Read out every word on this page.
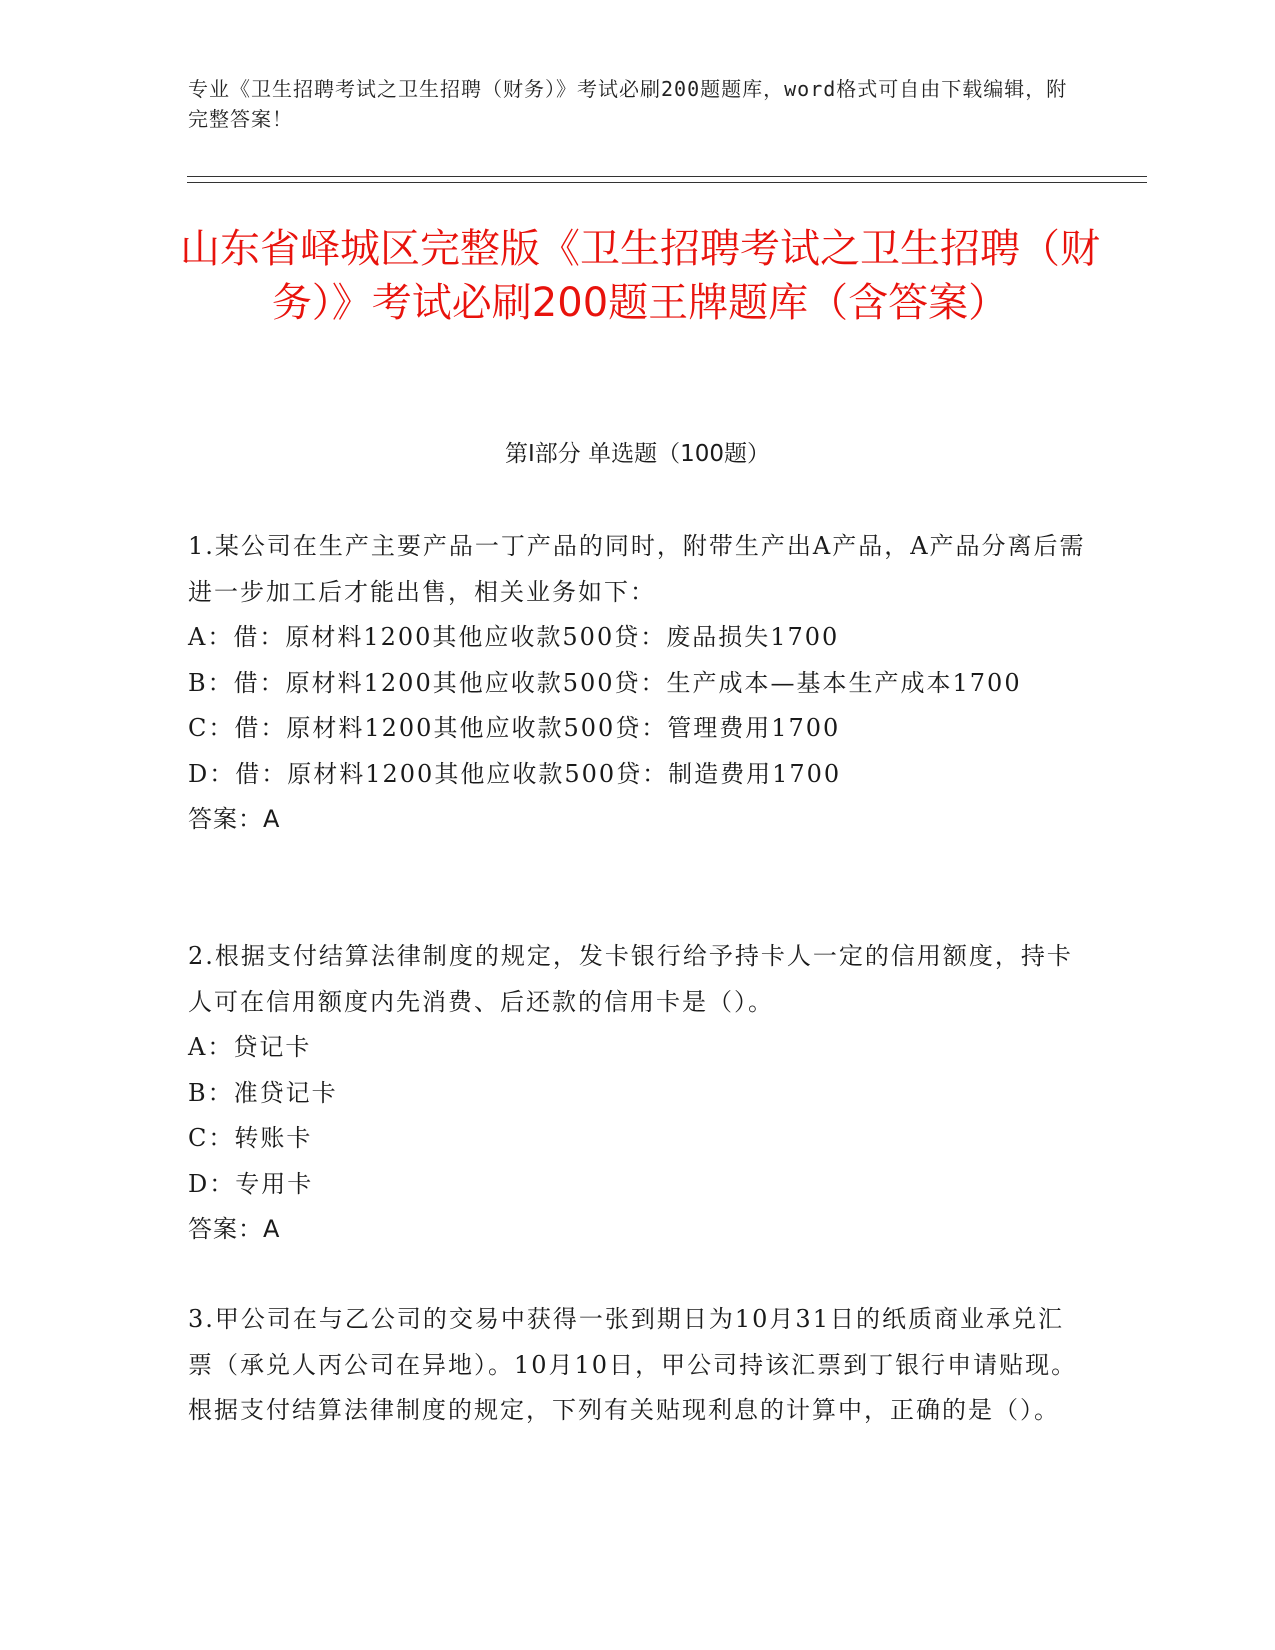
专业《卫生招聘考试之卫生招聘（财务）》考试必刷200题题库，word格式可自由下载编辑，附完整答案！
山东省峄城区完整版《卫生招聘考试之卫生招聘（财务）》考试必刷200题王牌题库（含答案）
第I部分 单选题（100题）
1.某公司在生产主要产品一丁产品的同时，附带生产出A产品，A产品分离后需进一步加工后才能出售，相关业务如下：
A：借：原材料1200其他应收款500贷：废品损失1700
B：借：原材料1200其他应收款500贷：生产成本—基本生产成本1700
C：借：原材料1200其他应收款500贷：管理费用1700
D：借：原材料1200其他应收款500贷：制造费用1700
答案：A
2.根据支付结算法律制度的规定，发卡银行给予持卡人一定的信用额度，持卡人可在信用额度内先消费、后还款的信用卡是（）。
A：贷记卡
B：准贷记卡
C：转账卡
D：专用卡
答案：A
3.甲公司在与乙公司的交易中获得一张到期日为10月31日的纸质商业承兑汇票（承兑人丙公司在异地）。10月10日，甲公司持该汇票到丁银行申请贴现。根据支付结算法律制度的规定，下列有关贴现利息的计算中，正确的是（）。
